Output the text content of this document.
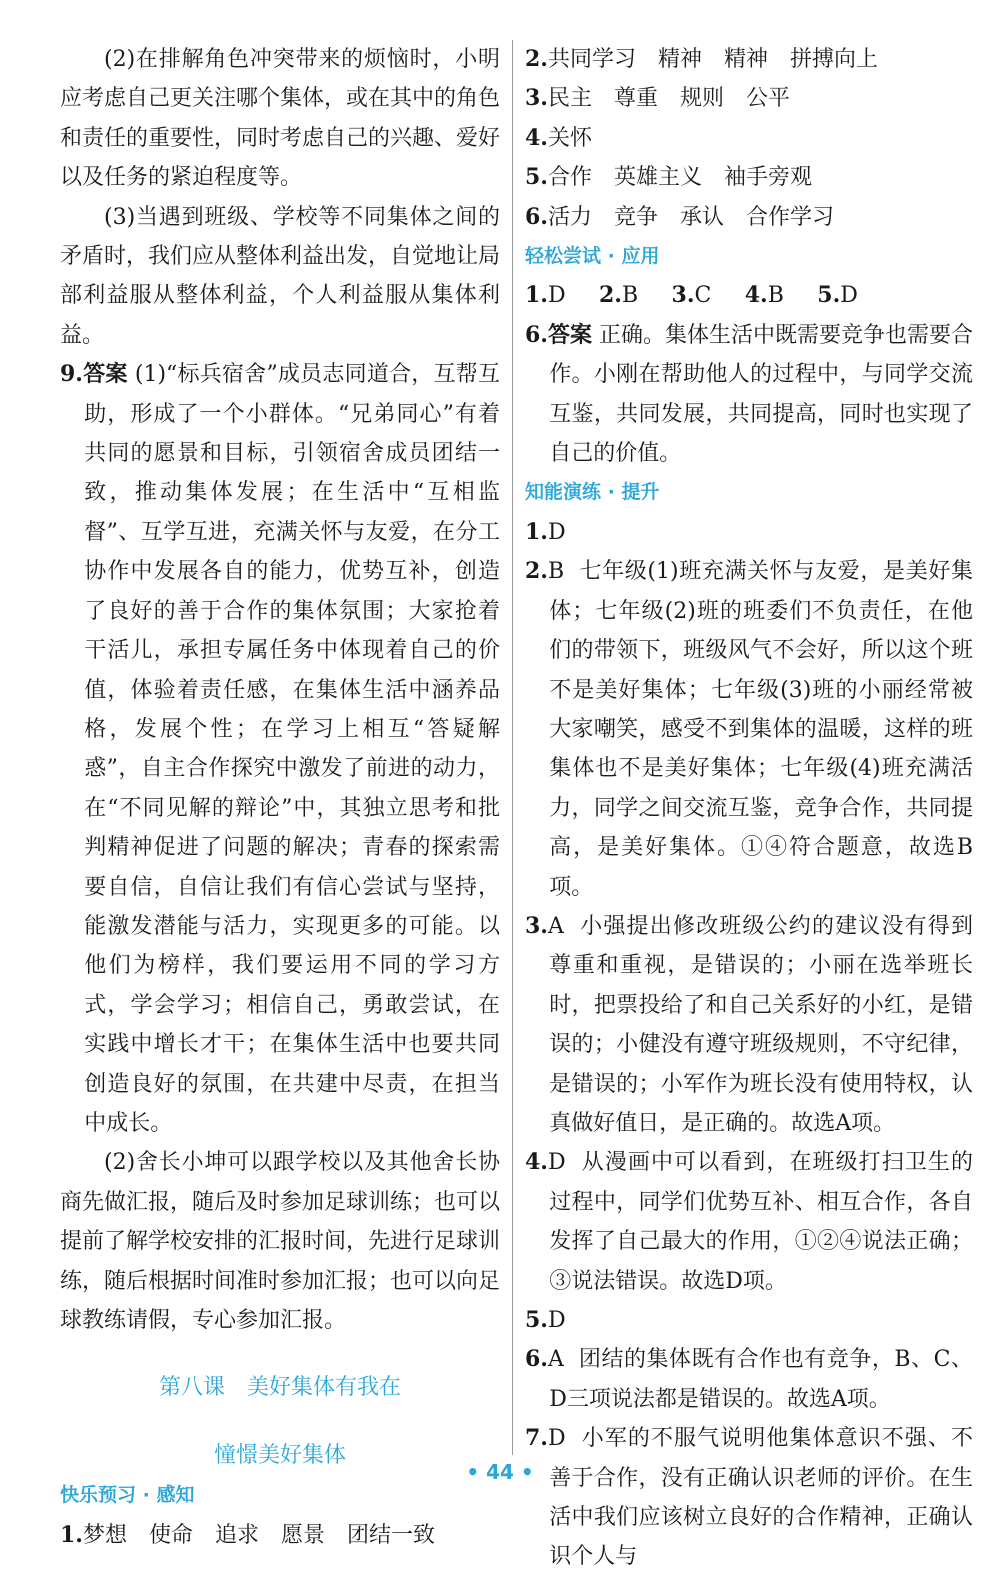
(2)在排解角色冲突带来的烦恼时，小明应考虑自己更关注哪个集体，或在其中的角色和责任的重要性，同时考虑自己的兴趣、爱好以及任务的紧迫程度等。

(3)当遇到班级、学校等不同集体之间的矛盾时，我们应从整体利益出发，自觉地让局部利益服从整体利益，个人利益服从集体利益。

9.答案 (1)“标兵宿舍”成员志同道合，互帮互助，形成了一个小群体。“兄弟同心”有着共同的愿景和目标，引领宿舍成员团结一致，推动集体发展；在生活中“互相监督”、互学互进，充满关怀与友爱，在分工协作中发展各自的能力，优势互补，创造了良好的善于合作的集体氛围；大家抢着干活儿，承担专属任务中体现着自己的价值，体验着责任感，在集体生活中涵养品格，发展个性；在学习上相互“答疑解惑”，自主合作探究中激发了前进的动力，在“不同见解的辩论”中，其独立思考和批判精神促进了问题的解决；青春的探索需要自信，自信让我们有信心尝试与坚持，能激发潜能与活力，实现更多的可能。以他们为榜样，我们要运用不同的学习方式，学会学习；相信自己，勇敢尝试，在实践中增长才干；在集体生活中也要共同创造良好的氛围，在共建中尽责，在担当中成长。

(2)舍长小坤可以跟学校以及其他舍长协商先做汇报，随后及时参加足球训练；也可以提前了解学校安排的汇报时间，先进行足球训练，随后根据时间准时参加汇报；也可以向足球教练请假，专心参加汇报。

第八课　美好集体有我在

憧憬美好集体

快乐预习 · 感知

1.梦想　使命　追求　愿景　团结一致

2.共同学习　精神　精神　拼搏向上

3.民主　尊重　规则　公平

4.关怀

5.合作　英雄主义　袖手旁观

6.活力　竞争　承认　合作学习

轻松尝试 · 应用

1.D 2.B 3.C 4.B 5.D

6.答案 正确。集体生活中既需要竞争也需要合作。小刚在帮助他人的过程中，与同学交流互鉴，共同发展，共同提高，同时也实现了自己的价值。

知能演练 · 提升

1.D

2.B 七年级(1)班充满关怀与友爱，是美好集体；七年级(2)班的班委们不负责任，在他们的带领下，班级风气不会好，所以这个班不是美好集体；七年级(3)班的小丽经常被大家嘲笑，感受不到集体的温暖，这样的班集体也不是美好集体；七年级(4)班充满活力，同学之间交流互鉴，竞争合作，共同提高，是美好集体。①④符合题意，故选B项。

3.A 小强提出修改班级公约的建议没有得到尊重和重视，是错误的；小丽在选举班长时，把票投给了和自己关系好的小红，是错误的；小健没有遵守班级规则，不守纪律，是错误的；小军作为班长没有使用特权，认真做好值日，是正确的。故选A项。

4.D 从漫画中可以看到，在班级打扫卫生的过程中，同学们优势互补、相互合作，各自发挥了自己最大的作用，①②④说法正确；③说法错误。故选D项。

5.D

6.A 团结的集体既有合作也有竞争，B、C、D三项说法都是错误的。故选A项。

7.D 小军的不服气说明他集体意识不强、不善于合作，没有正确认识老师的评价。在生活中我们应该树立良好的合作精神，正确认识个人与

• 44 •
